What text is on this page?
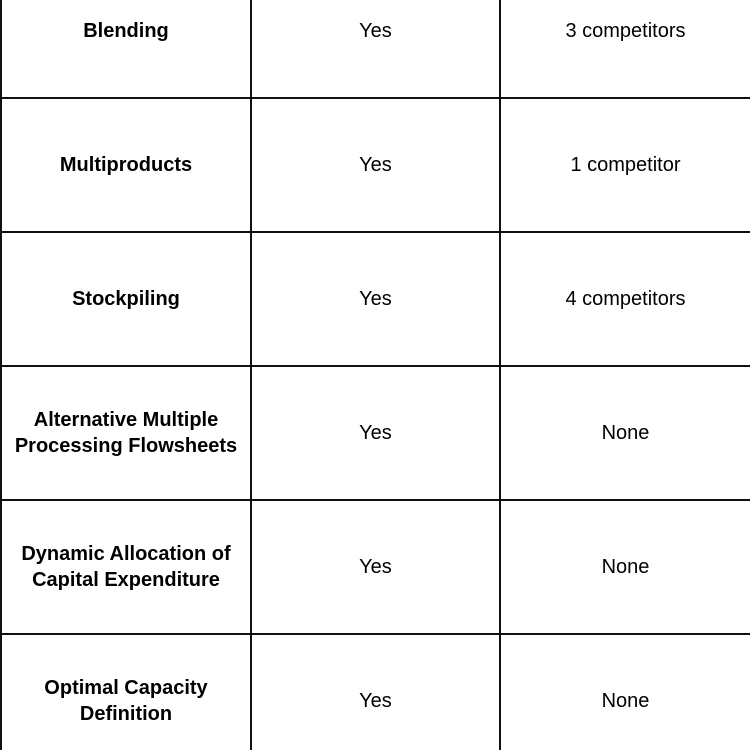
Blending	Yes	3 competitors
Multiproducts	Yes	1 competitor
Stockpiling	Yes	4 competitors
Alternative Multiple Processing Flowsheets	Yes	None
Dynamic Allocation of Capital Expenditure	Yes	None
Optimal Capacity Definition	Yes	None
